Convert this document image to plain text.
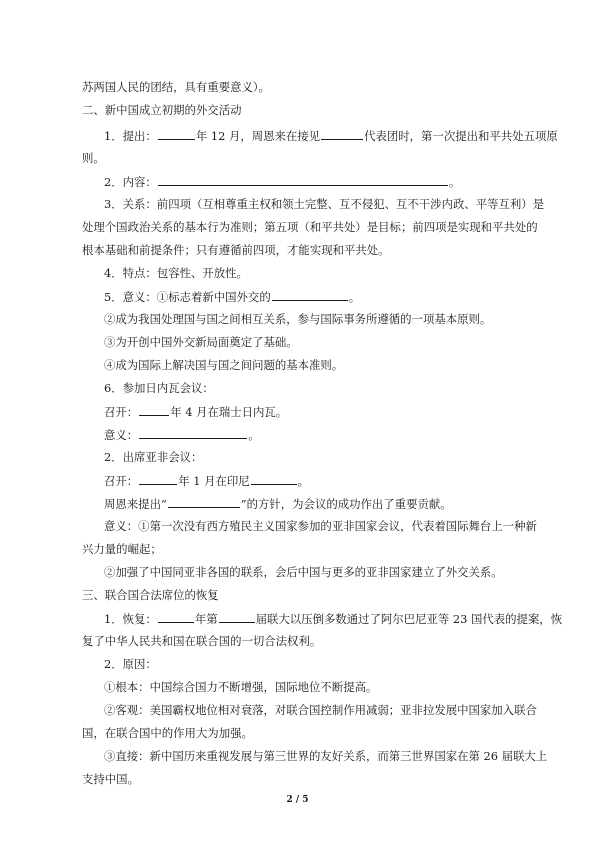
苏两国人民的团结，具有重要意义）。
二、新中国成立初期的外交活动
1．提出：	年 12 月，周恩来在接见	代表团时，第一次提出和平共处五项原
则。
2．内容：	。
3．关系：前四项（互相尊重主权和领土完整、互不侵犯、互不干涉内政、平等互利）是
处理个国政治关系的基本行为准则；第五项（和平共处）是目标；前四项是实现和平共处的
根本基础和前提条件；只有遵循前四项，才能实现和平共处。
4．特点：包容性、开放性。
5．意义：①标志着新中国外交的	。
②成为我国处理国与国之间相互关系，参与国际事务所遵循的一项基本原则。
③为开创中国外交新局面奠定了基础。
④成为国际上解决国与国之间问题的基本准则。
6．参加日内瓦会议：
召开：	年 4 月在瑞士日内瓦。
意义：	。
2．出席亚非会议：
召开：	年 1 月在印尼	。
周恩来提出“	”的方针，为会议的成功作出了重要贡献。
意义：①第一次没有西方殖民主义国家参加的亚非国家会议，代表着国际舞台上一种新
兴力量的崛起；
②加强了中国同亚非各国的联系，会后中国与更多的亚非国家建立了外交关系。
三、联合国合法席位的恢复
1．恢复：	年第	届联大以压倒多数通过了阿尔巴尼亚等 23 国代表的提案，恢
复了中华人民共和国在联合国的一切合法权利。
2．原因：
①根本：中国综合国力不断增强，国际地位不断提高。
②客观：美国霸权地位相对衰落，对联合国控制作用减弱；亚非拉发展中国家加入联合
国，在联合国中的作用大为加强。
③直接：新中国历来重视发展与第三世界的友好关系，而第三世界国家在第 26 届联大上
支持中国。
2 / 5
